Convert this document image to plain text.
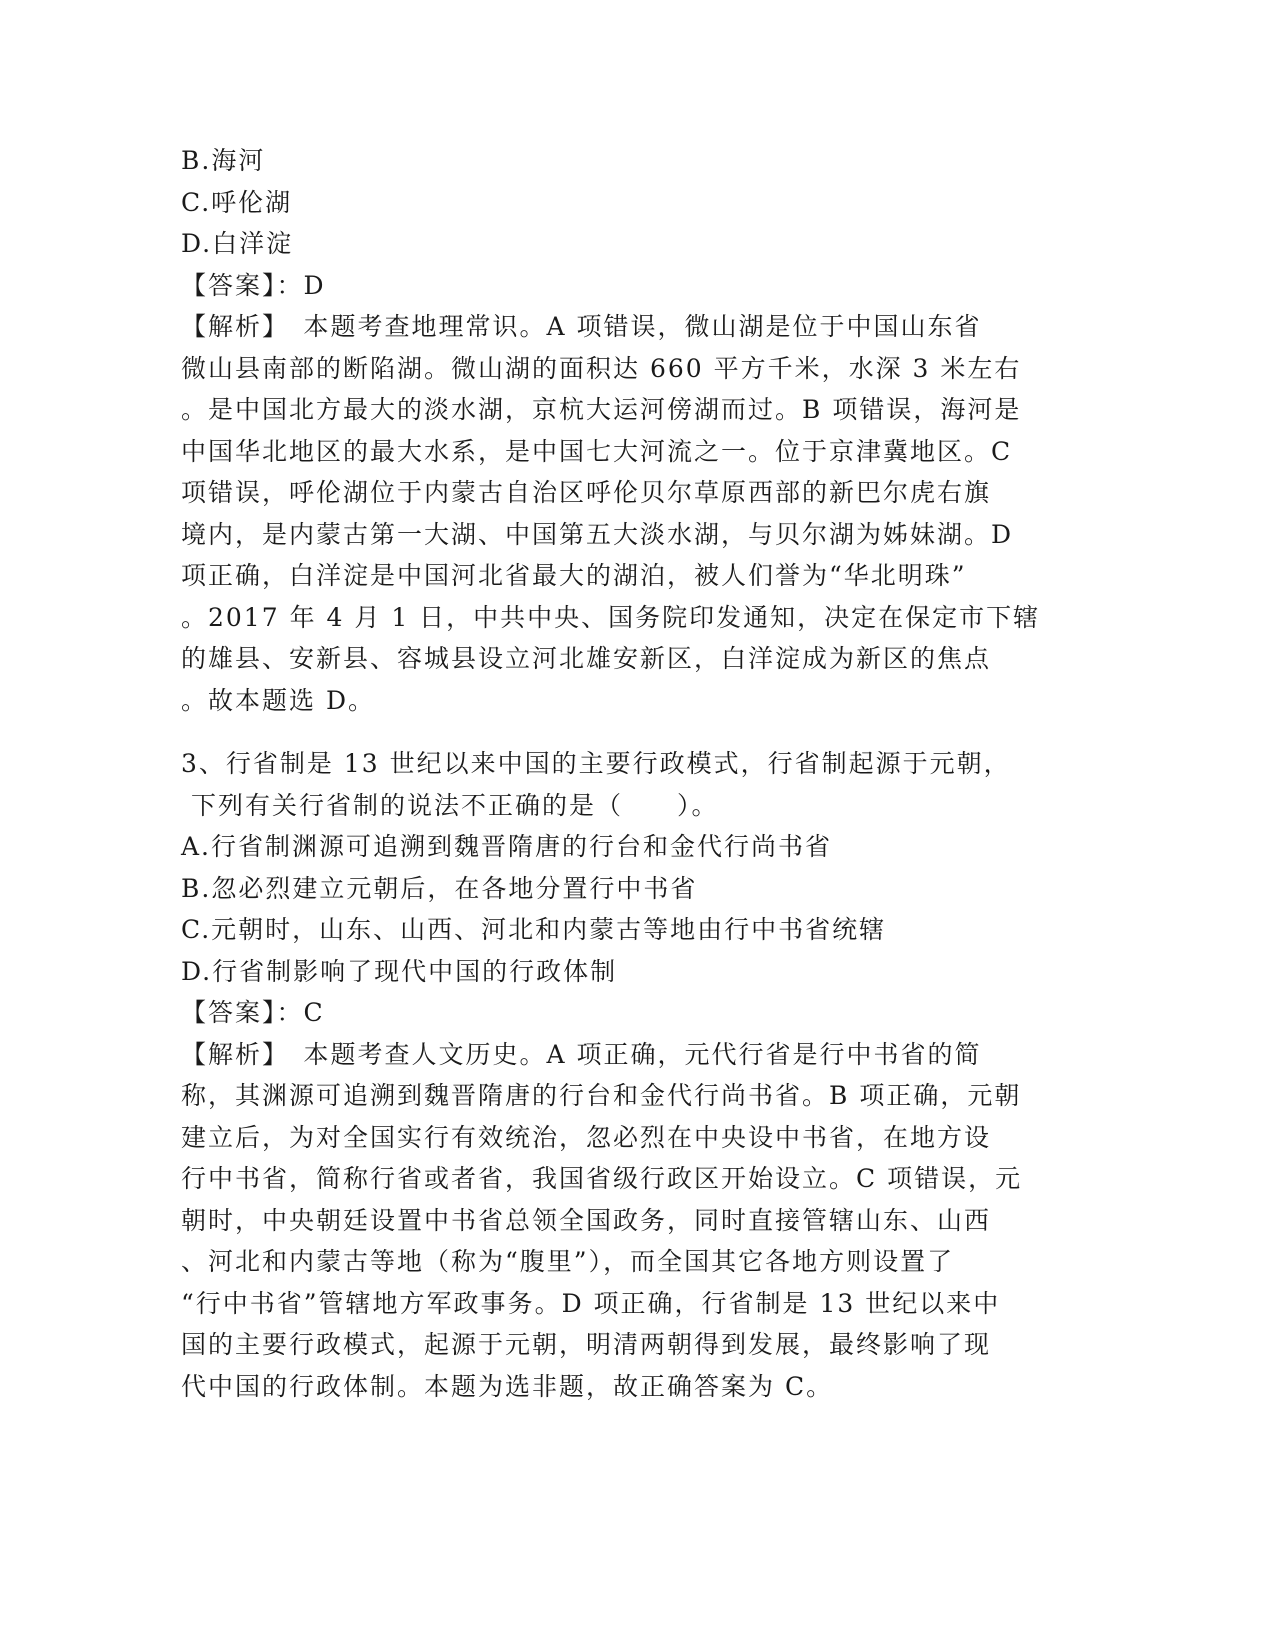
B.海河
C.呼伦湖
D.白洋淀
【答案】：D
【解析】　本题考查地理常识。A 项错误，微山湖是位于中国山东省
微山县南部的断陷湖。微山湖的面积达 660 平方千米，水深 3 米左右
。是中国北方最大的淡水湖，京杭大运河傍湖而过。B 项错误，海河是
中国华北地区的最大水系，是中国七大河流之一。位于京津冀地区。C
项错误，呼伦湖位于内蒙古自治区呼伦贝尔草原西部的新巴尔虎右旗
境内，是内蒙古第一大湖、中国第五大淡水湖，与贝尔湖为姊妹湖。D
项正确，白洋淀是中国河北省最大的湖泊，被人们誉为“华北明珠”
。2017 年 4 月 1 日，中共中央、国务院印发通知，决定在保定市下辖
的雄县、安新县、容城县设立河北雄安新区，白洋淀成为新区的焦点
。故本题选 D。
3、行省制是 13 世纪以来中国的主要行政模式，行省制起源于元朝，
下列有关行省制的说法不正确的是（　　）。
A.行省制渊源可追溯到魏晋隋唐的行台和金代行尚书省
B.忽必烈建立元朝后，在各地分置行中书省
C.元朝时，山东、山西、河北和内蒙古等地由行中书省统辖
D.行省制影响了现代中国的行政体制
【答案】：C
【解析】　本题考查人文历史。A 项正确，元代行省是行中书省的简
称，其渊源可追溯到魏晋隋唐的行台和金代行尚书省。B 项正确，元朝
建立后，为对全国实行有效统治，忽必烈在中央设中书省，在地方设
行中书省，简称行省或者省，我国省级行政区开始设立。C 项错误，元
朝时，中央朝廷设置中书省总领全国政务，同时直接管辖山东、山西
、河北和内蒙古等地（称为“腹里”），而全国其它各地方则设置了
“行中书省”管辖地方军政事务。D 项正确，行省制是 13 世纪以来中
国的主要行政模式，起源于元朝，明清两朝得到发展，最终影响了现
代中国的行政体制。本题为选非题，故正确答案为 C。
